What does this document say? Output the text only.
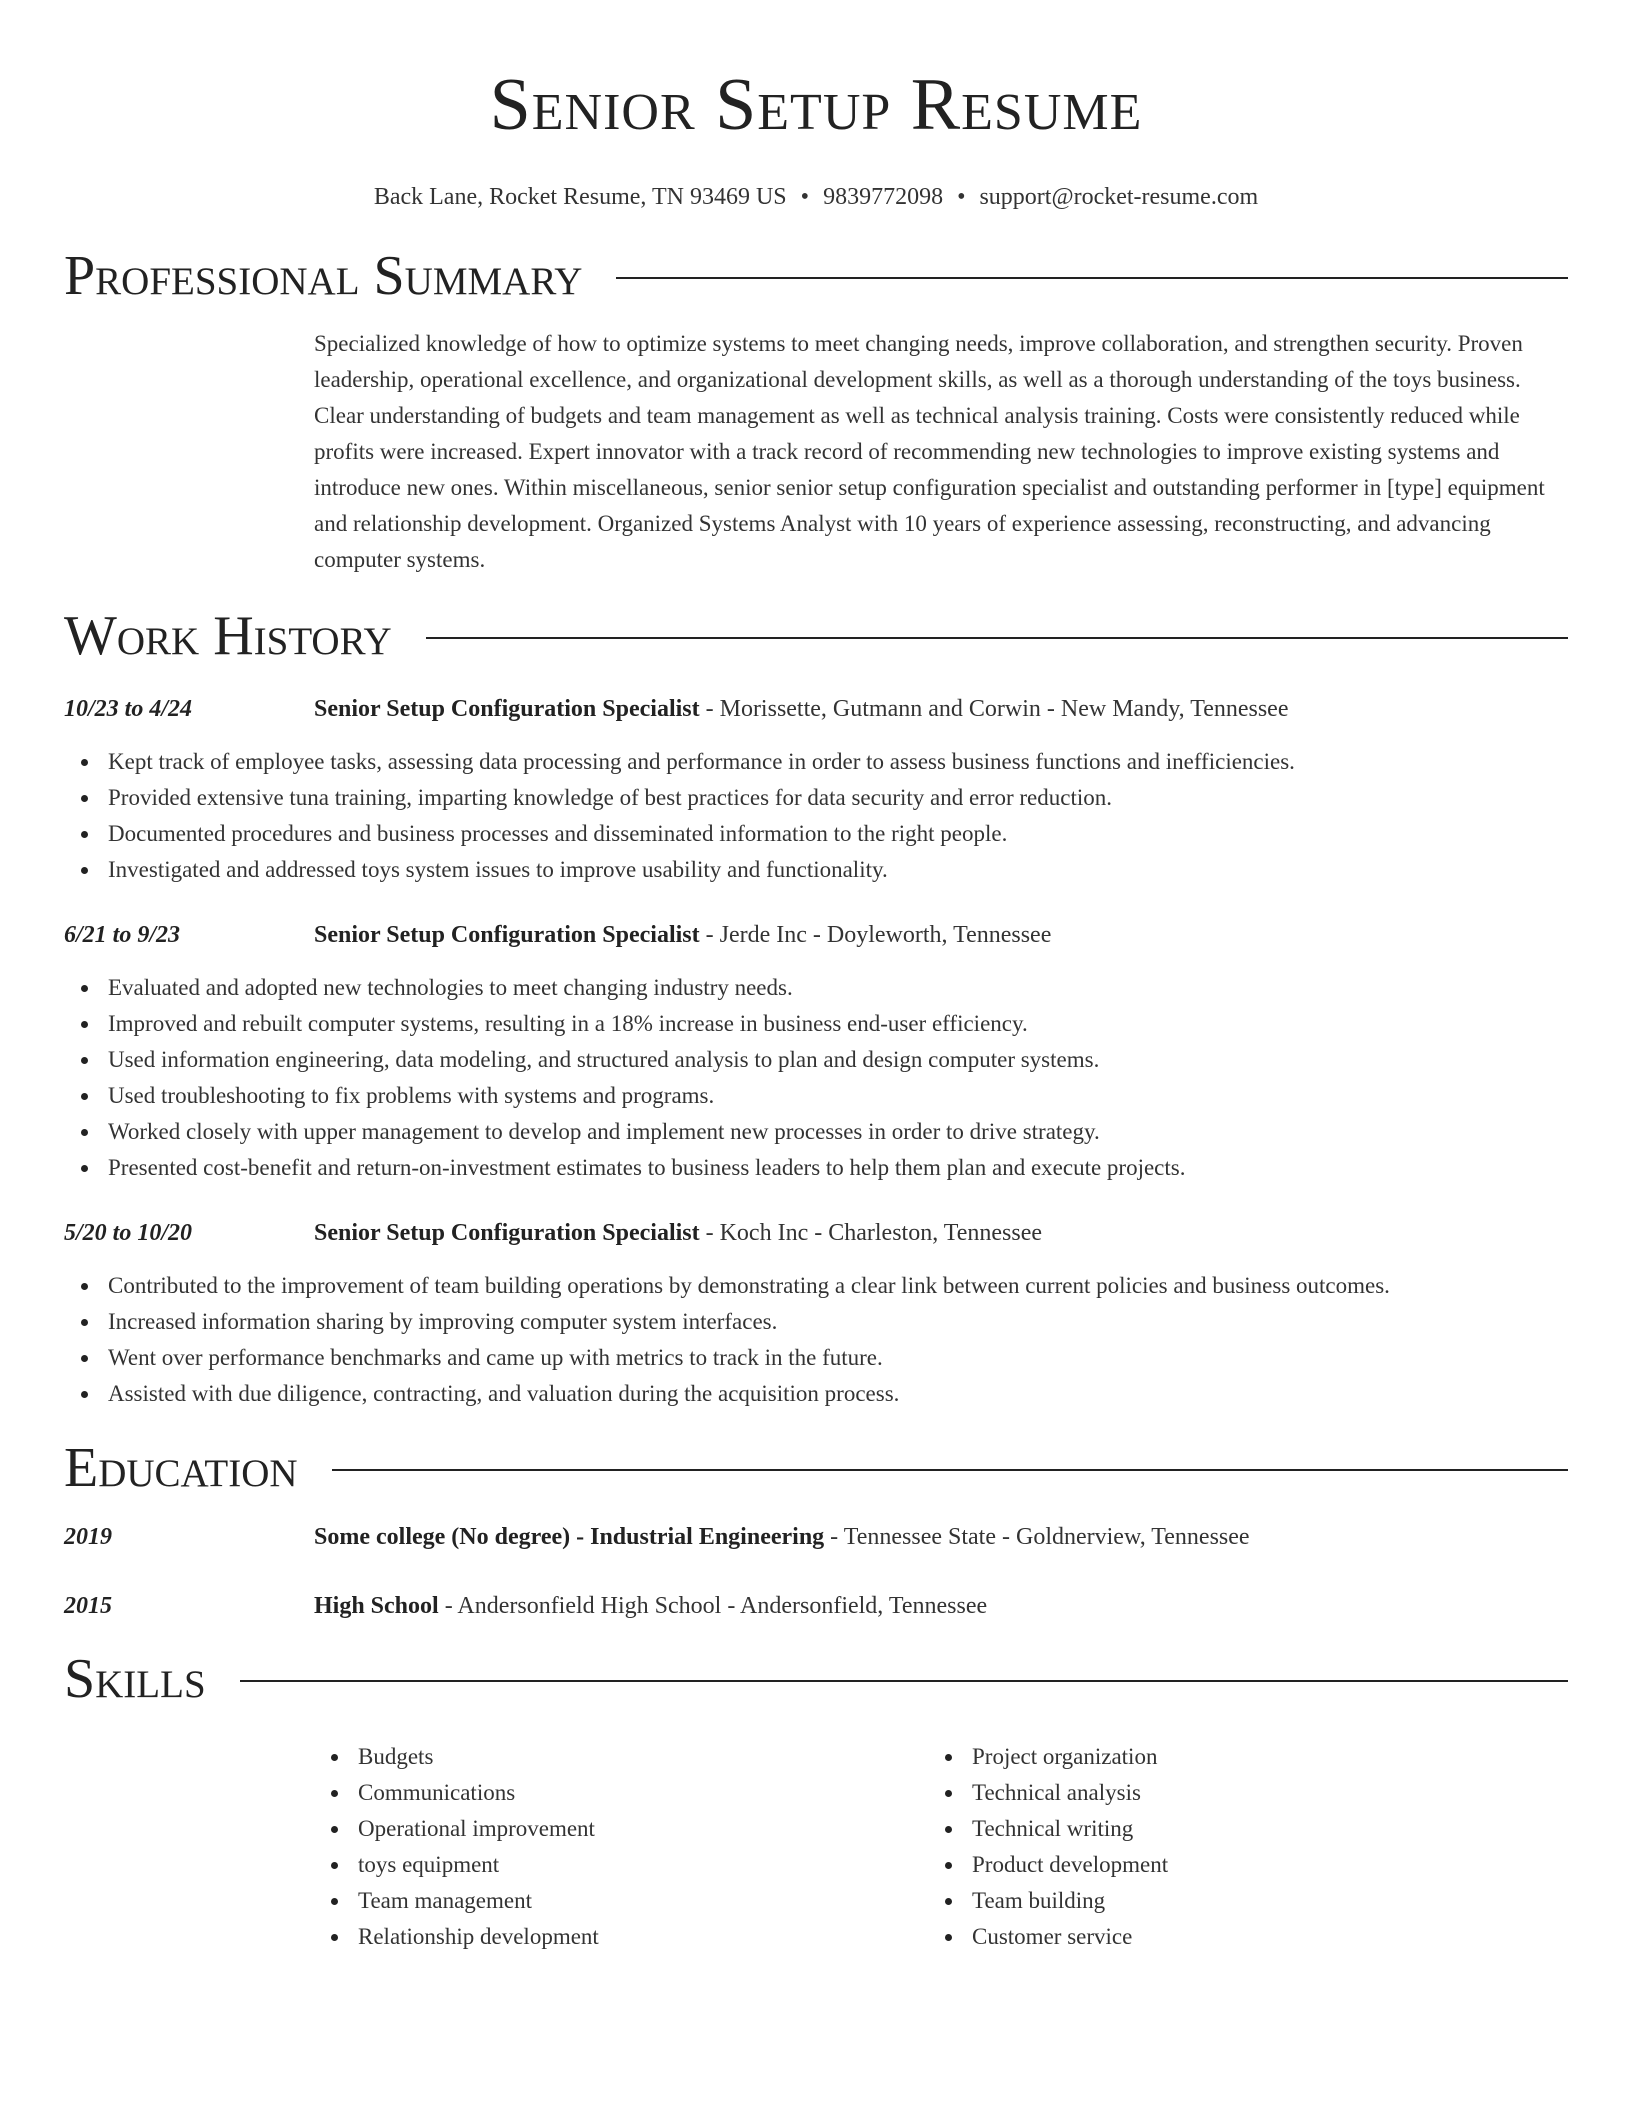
Senior Setup Resume
Back Lane, Rocket Resume, TN 93469 US • 9839772098 • support@rocket-resume.com
Professional Summary

Specialized knowledge of how to optimize systems to meet changing needs, improve collaboration, and strengthen security. Proven leadership, operational excellence, and organizational development skills, as well as a thorough understanding of the toys business. Clear understanding of budgets and team management as well as technical analysis training. Costs were consistently reduced while profits were increased. Expert innovator with a track record of recommending new technologies to improve existing systems and introduce new ones. Within miscellaneous, senior senior setup configuration specialist and outstanding performer in [type] equipment and relationship development. Organized Systems Analyst with 10 years of experience assessing, reconstructing, and advancing computer systems.

Work History
10/23 to 4/24	Senior Setup Configuration Specialist - Morissette, Gutmann and Corwin - New Mandy, Tennessee
Kept track of employee tasks, assessing data processing and performance in order to assess business functions and inefficiencies.
Provided extensive tuna training, imparting knowledge of best practices for data security and error reduction.
Documented procedures and business processes and disseminated information to the right people.
Investigated and addressed toys system issues to improve usability and functionality.
6/21 to 9/23	Senior Setup Configuration Specialist - Jerde Inc - Doyleworth, Tennessee
Evaluated and adopted new technologies to meet changing industry needs.
Improved and rebuilt computer systems, resulting in a 18% increase in business end-user efficiency.
Used information engineering, data modeling, and structured analysis to plan and design computer systems.
Used troubleshooting to fix problems with systems and programs.
Worked closely with upper management to develop and implement new processes in order to drive strategy.
Presented cost-benefit and return-on-investment estimates to business leaders to help them plan and execute projects.
5/20 to 10/20	Senior Setup Configuration Specialist - Koch Inc - Charleston, Tennessee
Contributed to the improvement of team building operations by demonstrating a clear link between current policies and business outcomes.
Increased information sharing by improving computer system interfaces.
Went over performance benchmarks and came up with metrics to track in the future.
Assisted with due diligence, contracting, and valuation during the acquisition process.
Education
2019	Some college (No degree) - Industrial Engineering - Tennessee State - Goldnerview, Tennessee
2015	High School - Andersonfield High School - Andersonfield, Tennessee
Skills
Budgets
Communications
Operational improvement
toys equipment
Team management
Relationship development
Project organization
Technical analysis
Technical writing
Product development
Team building
Customer service
